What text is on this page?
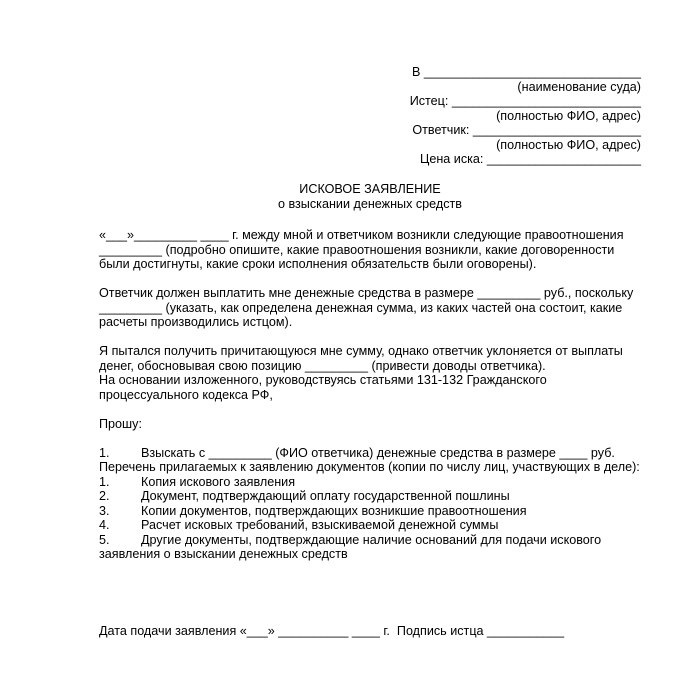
В _______________________________
(наименование суда)
Истец: ___________________________
(полностью ФИО, адрес)
Ответчик: ________________________
(полностью ФИО, адрес)
Цена иска: ______________________
ИСКОВОЕ ЗАЯВЛЕНИЕ
о взыскании денежных средств

«___»_________ ____ г. между мной и ответчиком возникли следующие правоотношения _________ (подробно опишите, какие правоотношения возникли, какие договоренности были достигнуты, какие сроки исполнения обязательств были оговорены).

Ответчик должен выплатить мне денежные средства в размере _________ руб., поскольку _________ (указать, как определена денежная сумма, из каких частей она состоит, какие расчеты производились истцом).

Я пытался получить причитающуюся мне сумму, однако ответчик уклоняется от выплаты денег, обосновывая свою позицию _________ (привести доводы ответчика).

На основании изложенного, руководствуясь статьями 131-132 Гражданского процессуального кодекса РФ,

Прошу:

1.	Взыскать с _________ (ФИО ответчика) денежные средства в размере ____ руб.
Перечень прилагаемых к заявлению документов (копии по числу лиц, участвующих в деле):
1.	Копия искового заявления
2.	Документ, подтверждающий оплату государственной пошлины
3.	Копии документов, подтверждающих возникшие правоотношения
4.	Расчет исковых требований, взыскиваемой денежной суммы
5. Другие документы, подтверждающие наличие оснований для подачи искового заявления о взыскании денежных средств
Дата подачи заявления «___» __________ ____ г.  Подпись истца ___________
